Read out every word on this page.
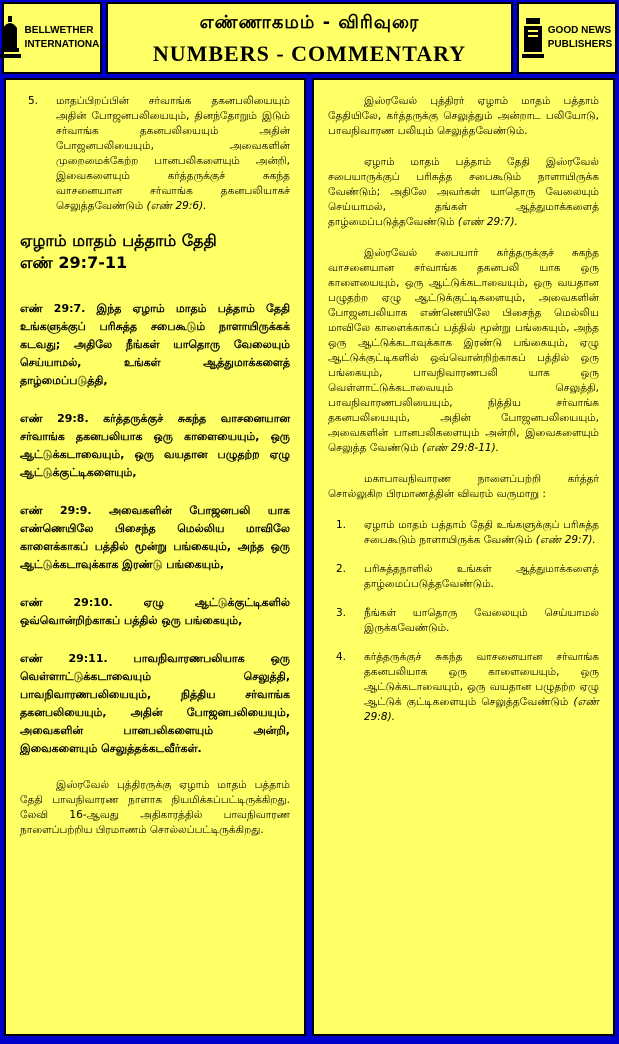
BELLWETHER
INTERNATIONAL
எண்ணாகமம் - விரிவுரை
NUMBERS - COMMENTARY
GOOD NEWS
PUBLISHERS
5.	மாதப்பிறப்பின் சர்வாங்க தகனபலியையும் அதின் போஜனபலியையும், தினந்தோறும் இடும் சர்வாங்க தகனபலியையும் அதின் போஜனபலியையும், அவைகளின் முறைமைக்கேற்ற பானபலிகளையும் அன்றி, இவைகளையும் கர்த்தருக்குச் சுகந்த வாசனையான சர்வாங்க தகனபலியாகச் செலுத்தவேண்டும் (எண் 29:6).
ஏழாம் மாதம் பத்தாம் தேதி
எண் 29:7-11

எண் 29:7. இந்த ஏழாம் மாதம் பத்தாம் தேதி உங்களுக்குப் பரிசுத்த சபைகூடும் நாளாயிருக்கக் கடவது; அதிலே நீங்கள் யாதொரு வேலையும் செய்யாமல், உங்கள் ஆத்துமாக்களைத் தாழ்மைப்படுத்தி,

எண் 29:8. கர்த்தருக்குச் சுகந்த வாசனையான சர்வாங்க தகனபலியாக ஒரு காளையையும், ஒரு ஆட்டுக்கடாவையும், ஒரு வயதான பழுதற்ற ஏழு ஆட்டுக்குட்டிகளையும்,

எண் 29:9. அவைகளின் போஜனபலி யாக எண்ணெயிலே பிசைந்த மெல்லிய மாவிலே காளைக்காகப் பத்தில் மூன்று பங்கையும், அந்த ஒரு ஆட்டுக்கடாவுக்காக இரண்டு பங்கையும்,

எண் 29:10. ஏழு ஆட்டுக்குட்டிகளில் ஒவ்வொன்றிற்காகப் பத்தில் ஒரு பங்கையும்,

எண் 29:11. பாவநிவாரணபலியாக ஒரு வெள்ளாட்டுக்கடாவையும் செலுத்தி, பாவநிவாரணபலியையும், நித்திய சர்வாங்க தகனபலியையும், அதின் போஜனபலியையும், அவைகளின் பானபலிகளையும் அன்றி, இவைகளையும் செலுத்தக்கடவீர்கள்.

இஸ்ரவேல் புத்திரருக்கு ஏழாம் மாதம் பத்தாம் தேதி பாவநிவாரண நாளாக நியமிக்கப்பட்டிருக்கிறது. லேவி 16-ஆவது அதிகாரத்தில் பாவநிவாரண நாளைப்பற்றிய பிரமாணம் சொல்லப்பட்டிருக்கிறது.

இஸ்ரவேல் புத்திரர் ஏழாம் மாதம் பத்தாம் தேதியிலே, கர்த்தருக்கு செலுத்தும் அன்றாட பலியோடு, பாவநிவாரண பலியும் செலுத்தவேண்டும்.

ஏழாம் மாதம் பத்தாம் தேதி இஸ்ரவேல் சபையாருக்குப் பரிசுத்த சபைகூடும் நாளாயிருக்க வேண்டும்; அதிலே அவர்கள் யாதொரு வேலையும் செய்யாமல், தங்கள் ஆத்துமாக்களைத் தாழ்மைப்படுத்தவேண்டும் (எண் 29:7).

இஸ்ரவேல் சபையார் கர்த்தருக்குச் சுகந்த வாசனையான சர்வாங்க தகனபலி யாக ஒரு காளையையும், ஒரு ஆட்டுக்கடாவையும், ஒரு வயதான பழுதற்ற ஏழு ஆட்டுக்குட்டிகளையும், அவைகளின் போஜனபலியாக எண்ணெயிலே பிசைந்த மெல்லிய மாவிலே காளைக்காகப் பத்தில் மூன்று பங்கையும், அந்த ஒரு ஆட்டுக்கடாவுக்காக இரண்டு பங்கையும், ஏழு ஆட்டுக்குட்டிகளில் ஒவ்வொன்றிற்காகப் பத்தில் ஒரு பங்கையும், பாவநிவாரணபலி யாக ஒரு வெள்ளாட்டுக்கடாவையும் செலுத்தி, பாவநிவாரணபலியையும், நித்திய சர்வாங்க தகனபலியையும், அதின் போஜனபலியையும், அவைகளின் பானபலிகளையும் அன்றி, இவைகளையும் செலுத்த வேண்டும் (எண் 29:8-11).

மகாபாவநிவாரண நாளைப்பற்றி கர்த்தர் சொல்லுகிற பிரமாணத்தின் விவரம் வருமாறு :

1.	ஏழாம் மாதம் பத்தாம் தேதி உங்களுக்குப் பரிசுத்த சபைகூடும் நாளாயிருக்க வேண்டும் (எண் 29:7).
2.	பரிசுத்தநாளில் உங்கள் ஆத்துமாக்களைத் தாழ்மைப்படுத்தவேண்டும்.
3.	நீங்கள் யாதொரு வேலையும் செய்யாமல் இருக்கவேண்டும்.
4.	கர்த்தருக்குச் சுகந்த வாசனையான சர்வாங்க தகனபலியாக ஒரு காளையையும், ஒரு ஆட்டுக்கடாவையும், ஒரு வயதான பழுதற்ற ஏழு ஆட்டுக் குட்டிகளையும் செலுத்தவேண்டும் (எண் 29:8).
